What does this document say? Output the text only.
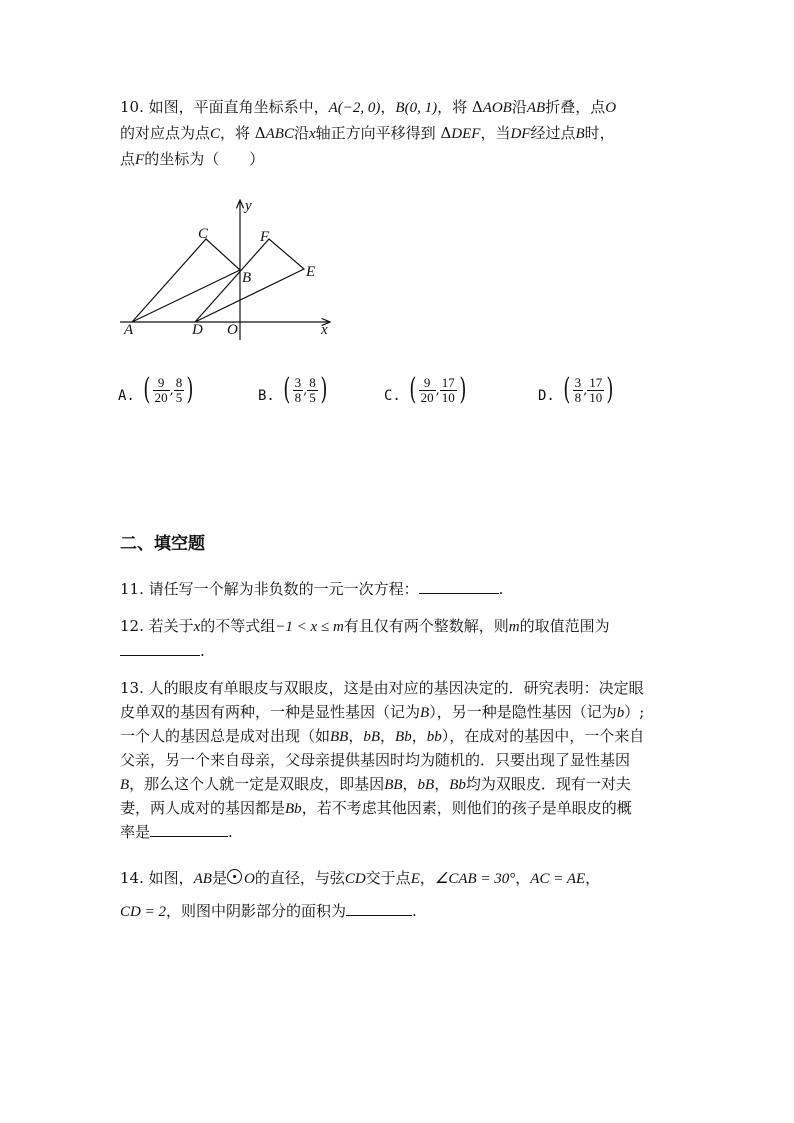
10. 如图，平面直角坐标系中，A(−2, 0)，B(0, 1)，将 ΔAOB沿AB折叠，点O
的对应点为点C，将 ΔABC沿x轴正方向平移得到 ΔDEF，当DF经过点B时，
点F的坐标为（　　）
y
x
C	F
B	E
A	D O
A. ( $\frac{9}{20}$ , $\frac{8}{5}$ )	B. ( $\frac{3}{8}$ , $\frac{8}{5}$ )	C. ( $\frac{9}{20}$ , $\frac{17}{10}$ )	D. ( $\frac{3}{8}$ , $\frac{17}{10}$ )
二、填空题
11. 请任写一个解为非负数的一元一次方程：	.
12. 若关于x的不等式组−1 < x ≤ m有且仅有两个整数解，则m的取值范围为
.
13. 人的眼皮有单眼皮与双眼皮，这是由对应的基因决定的．研究表明：决定眼
皮单双的基因有两种，一种是显性基因（记为B），另一种是隐性基因（记为b）;
一个人的基因总是成对出现（如BB，bB，Bb，bb），在成对的基因中，一个来自
父亲，另一个来自母亲，父母亲提供基因时均为随机的．只要出现了显性基因
B，那么这个人就一定是双眼皮，即基因BB，bB，Bb均为双眼皮．现有一对夫
妻，两人成对的基因都是Bb，若不考虑其他因素，则他们的孩子是单眼皮的概
率是	.
14. 如图，AB是 O的直径，与弦CD交于点E，∠CAB = 30°，AC = AE，
CD = 2，则图中阴影部分的面积为	.
